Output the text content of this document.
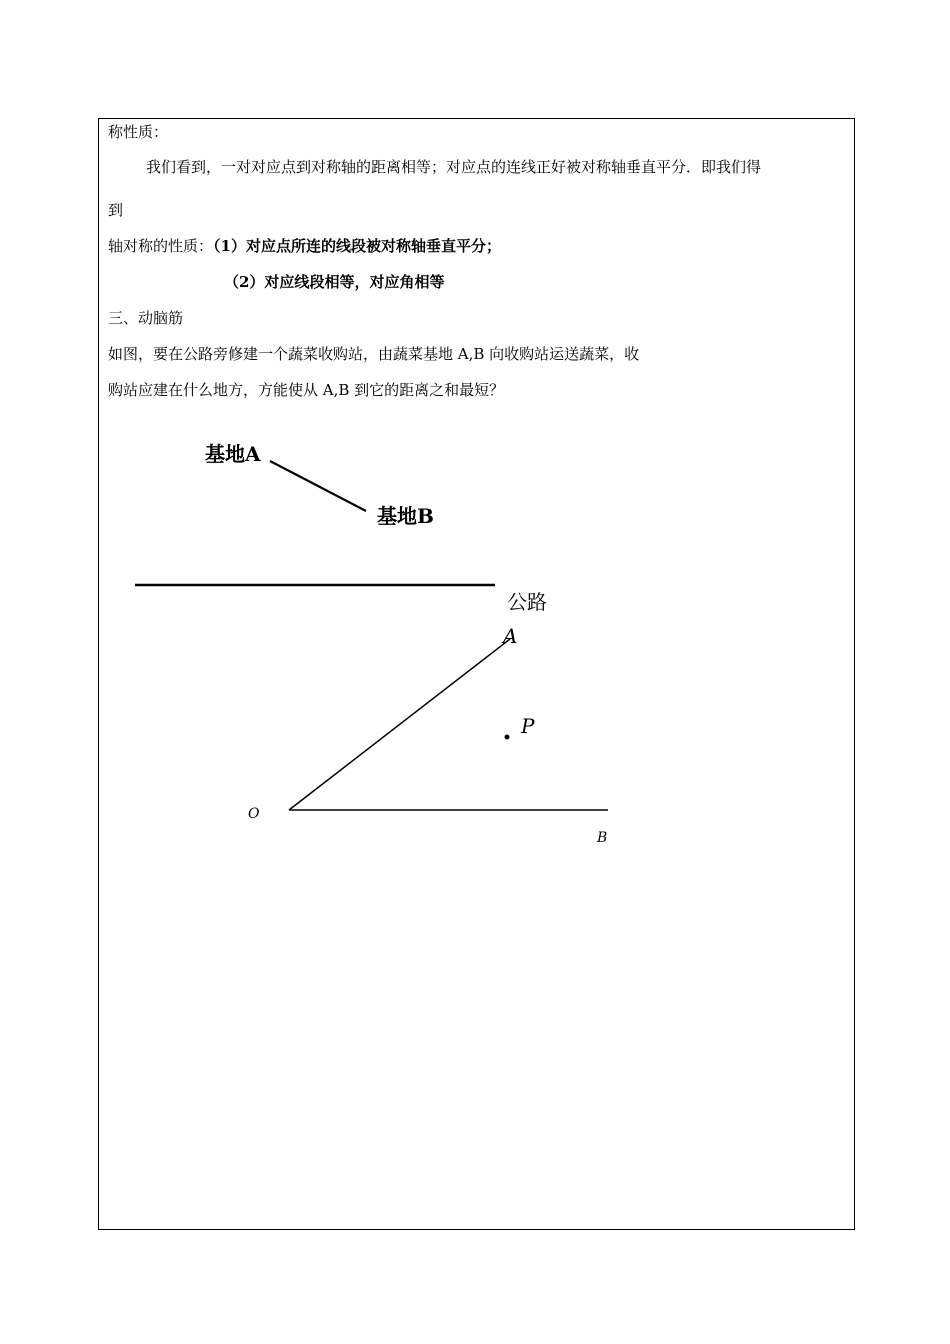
称性质：
我们看到，一对对应点到对称轴的距离相等；对应点的连线正好被对称轴垂直平分．即我们得
到
轴对称的性质：（1）对应点所连的线段被对称轴垂直平分；
（2）对应线段相等，对应角相等
三、动脑筋
如图，要在公路旁修建一个蔬菜收购站，由蔬菜基地 A,B 向收购站运送蔬菜，收
购站应建在什么地方，方能使从 A,B 到它的距离之和最短？
基地A
基地B
公路
A
P
O
B
